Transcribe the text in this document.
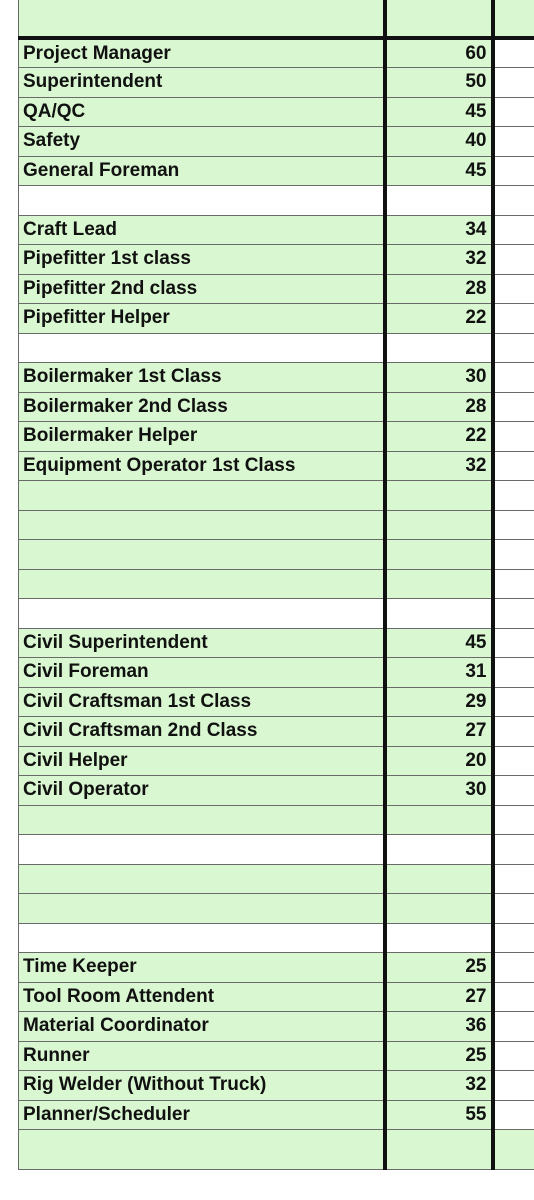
Project Manager	60	
Superintendent	50	
QA/QC	45	
Safety	40	
General Foreman	45	

Craft Lead	34	
Pipefitter 1st class	32	
Pipefitter 2nd class	28	
Pipefitter Helper	22	

Boilermaker 1st Class	30	
Boilermaker 2nd Class	28	
Boilermaker Helper	22	
Equipment Operator 1st Class	32	

Civil Superintendent	45	
Civil Foreman	31	
Civil Craftsman 1st Class	29	
Civil Craftsman 2nd Class	27	
Civil Helper	20	
Civil Operator	30	

Time Keeper	25	
Tool Room Attendent	27	
Material Coordinator	36	
Runner	25	
Rig Welder (Without Truck)	32	
Planner/Scheduler	55	
